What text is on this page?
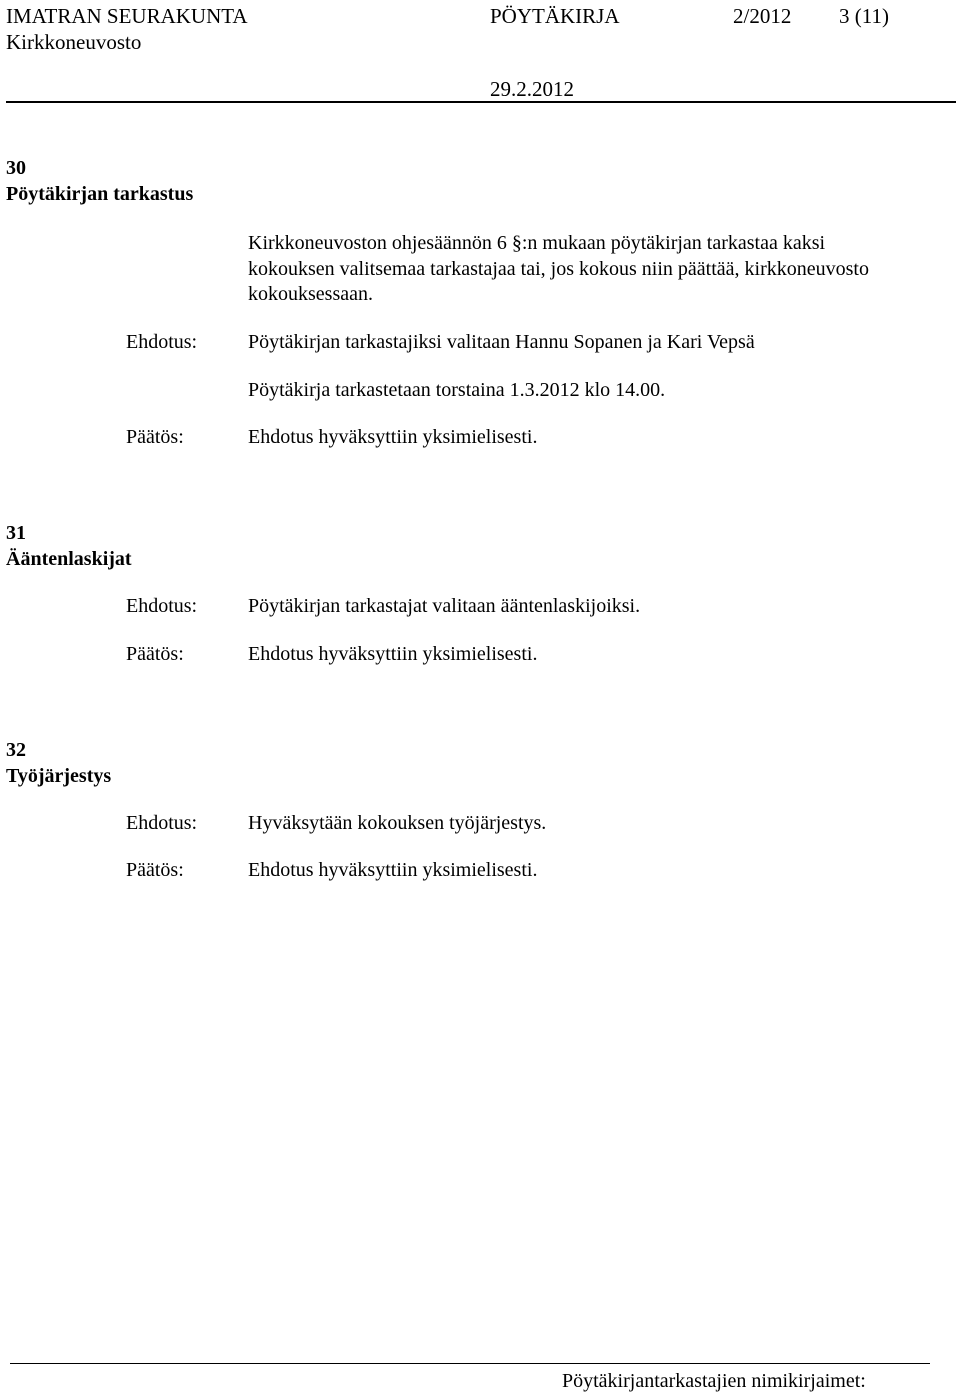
IMATRAN SEURAKUNTA	PÖYTÄKIRJA	2/2012 3 (11)
Kirkkoneuvosto
29.2.2012
30
Pöytäkirjan tarkastus
Kirkkoneuvoston ohjesäännön 6 §:n mukaan pöytäkirjan tarkastaa kaksi
kokouksen valitsemaa tarkastajaa tai, jos kokous niin päättää, kirkkoneuvosto
kokouksessaan.
Ehdotus:	Pöytäkirjan tarkastajiksi valitaan Hannu Sopanen ja Kari Vepsä
Pöytäkirja tarkastetaan torstaina 1.3.2012 klo 14.00.
Päätös:	Ehdotus hyväksyttiin yksimielisesti.
31
Ääntenlaskijat
Ehdotus:	Pöytäkirjan tarkastajat valitaan ääntenlaskijoiksi.
Päätös:	Ehdotus hyväksyttiin yksimielisesti.
32
Työjärjestys
Ehdotus:	Hyväksytään kokouksen työjärjestys.
Päätös:	Ehdotus hyväksyttiin yksimielisesti.
Pöytäkirjantarkastajien nimikirjaimet:
